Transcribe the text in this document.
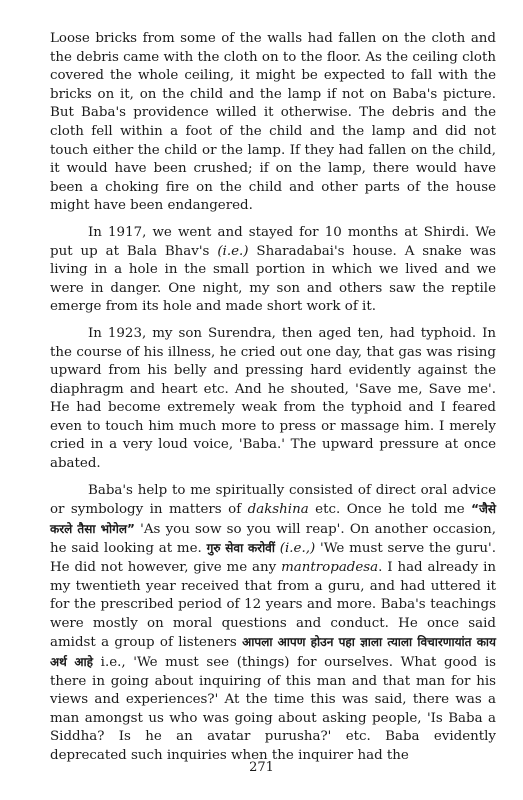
Loose bricks from some of the walls had fallen on the cloth and the debris came with the cloth on to the floor. As the ceiling cloth covered the whole ceiling, it might be expected to fall with the bricks on it, on the child and the lamp if not on Baba's picture. But Baba's providence willed it otherwise. The debris and the cloth fell within a foot of the child and the lamp and did not touch either the child or the lamp. If they had fallen on the child, it would have been crushed; if on the lamp, there would have been a choking fire on the child and other parts of the house might have been endangered.

In 1917, we went and stayed for 10 months at Shirdi. We put up at Bala Bhav's (i.e.) Sharadabai's house. A snake was living in a hole in the small portion in which we lived and we were in danger. One night, my son and others saw the reptile emerge from its hole and made short work of it.

In 1923, my son Surendra, then aged ten, had typhoid. In the course of his illness, he cried out one day, that gas was rising upward from his belly and pressing hard evidently against the diaphragm and heart etc. And he shouted, 'Save me, Save me'. He had become extremely weak from the typhoid and I feared even to touch him much more to press or massage him. I merely cried in a very loud voice, 'Baba.' The upward pressure at once abated.

Baba's help to me spiritually consisted of direct oral advice or symbology in matters of dakshina etc. Once he told me “जैसे करले तैसा भोगेल” 'As you sow so you will reap'. On another occasion, he said looking at me. गुरु सेवा करोवीं (i.e.,) 'We must serve the guru'. He did not however, give me any mantropadesa. I had already in my twentieth year received that from a guru, and had uttered it for the prescribed period of 12 years and more. Baba's teachings were mostly on moral questions and conduct. He once said amidst a group of listeners आपला आपण होउन पहा ज्ञाला त्याला विचारणायांत काय अर्थ आहे i.e., 'We must see (things) for ourselves. What good is there in going about inquiring of this man and that man for his views and experiences?' At the time this was said, there was a man amongst us who was going about asking people, 'Is Baba a Siddha? Is he an avatar purusha?' etc. Baba evidently deprecated such inquiries when the inquirer had the

271
